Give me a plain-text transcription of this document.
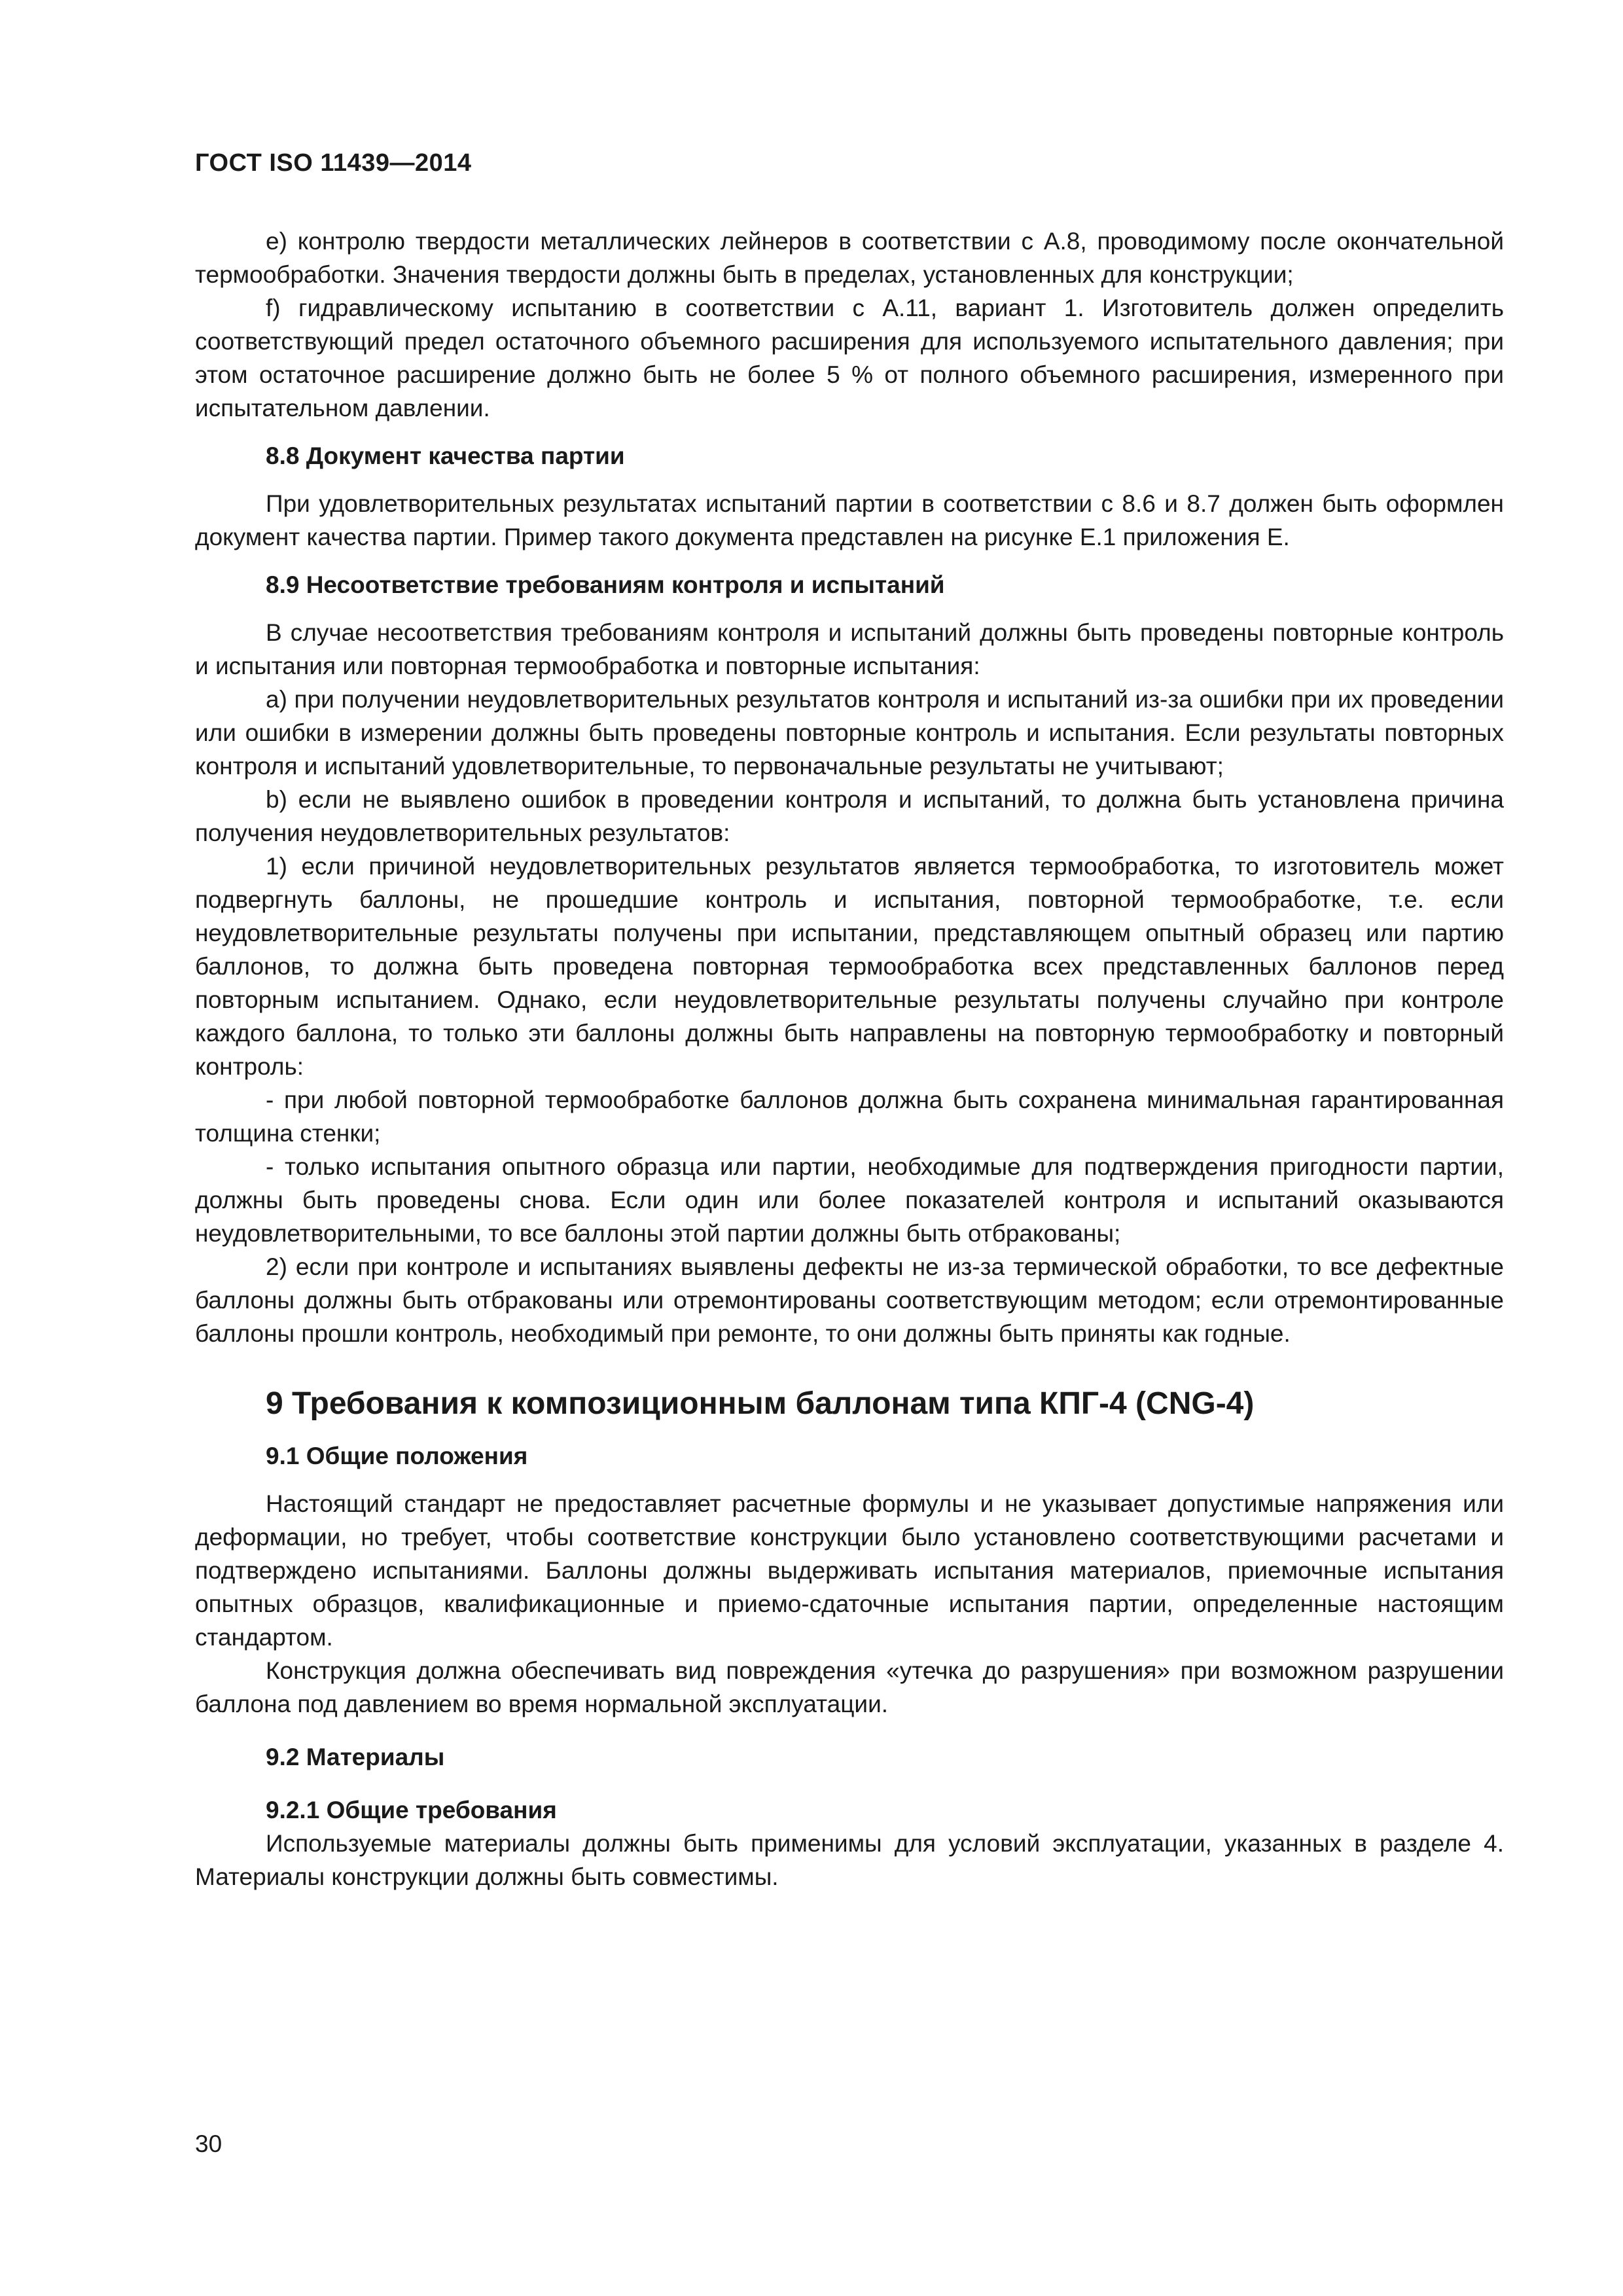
ГОСТ ISO 11439—2014

е) контролю твердости металлических лейнеров в соответствии с А.8, проводимому после окончательной термообработки. Значения твердости должны быть в пределах, установленных для конструкции;

f) гидравлическому испытанию в соответствии с А.11, вариант 1. Изготовитель должен определить соответствующий предел остаточного объемного расширения для используемого испытательного давления; при этом остаточное расширение должно быть не более 5 % от полного объемного расширения, измеренного при испытательном давлении.

8.8 Документ качества партии

При удовлетворительных результатах испытаний партии в соответствии с 8.6 и 8.7 должен быть оформлен документ качества партии. Пример такого документа представлен на рисунке Е.1 приложения Е.

8.9 Несоответствие требованиям контроля и испытаний

В случае несоответствия требованиям контроля и испытаний должны быть проведены повторные контроль и испытания или повторная термообработка и повторные испытания:

а) при получении неудовлетворительных результатов контроля и испытаний из-за ошибки при их проведении или ошибки в измерении должны быть проведены повторные контроль и испытания. Если результаты повторных контроля и испытаний удовлетворительные, то первоначальные результаты не учитывают;

b) если не выявлено ошибок в проведении контроля и испытаний, то должна быть установлена причина получения неудовлетворительных результатов:

1) если причиной неудовлетворительных результатов является термообработка, то изготовитель может подвергнуть баллоны, не прошедшие контроль и испытания, повторной термообработке, т.е. если неудовлетворительные результаты получены при испытании, представляющем опытный образец или партию баллонов, то должна быть проведена повторная термообработка всех представленных баллонов перед повторным испытанием. Однако, если неудовлетворительные результаты получены случайно при контроле каждого баллона, то только эти баллоны должны быть направлены на повторную термообработку и повторный контроль:

- при любой повторной термообработке баллонов должна быть сохранена минимальная гарантированная толщина стенки;

- только испытания опытного образца или партии, необходимые для подтверждения пригодности партии, должны быть проведены снова. Если один или более показателей контроля и испытаний оказываются неудовлетворительными, то все баллоны этой партии должны быть отбракованы;

2) если при контроле и испытаниях выявлены дефекты не из-за термической обработки, то все дефектные баллоны должны быть отбракованы или отремонтированы соответствующим методом; если отремонтированные баллоны прошли контроль, необходимый при ремонте, то они должны быть приняты как годные.

9 Требования к композиционным баллонам типа КПГ-4 (CNG-4)
9.1 Общие положения

Настоящий стандарт не предоставляет расчетные формулы и не указывает допустимые напряжения или деформации, но требует, чтобы соответствие конструкции было установлено соответствующими расчетами и подтверждено испытаниями. Баллоны должны выдерживать испытания материалов, приемочные испытания опытных образцов, квалификационные и приемо-сдаточные испытания партии, определенные настоящим стандартом.

Конструкция должна обеспечивать вид повреждения «утечка до разрушения» при возможном разрушении баллона под давлением во время нормальной эксплуатации.

9.2 Материалы
9.2.1 Общие требования

Используемые материалы должны быть применимы для условий эксплуатации, указанных в разделе 4. Материалы конструкции должны быть совместимы.

30
